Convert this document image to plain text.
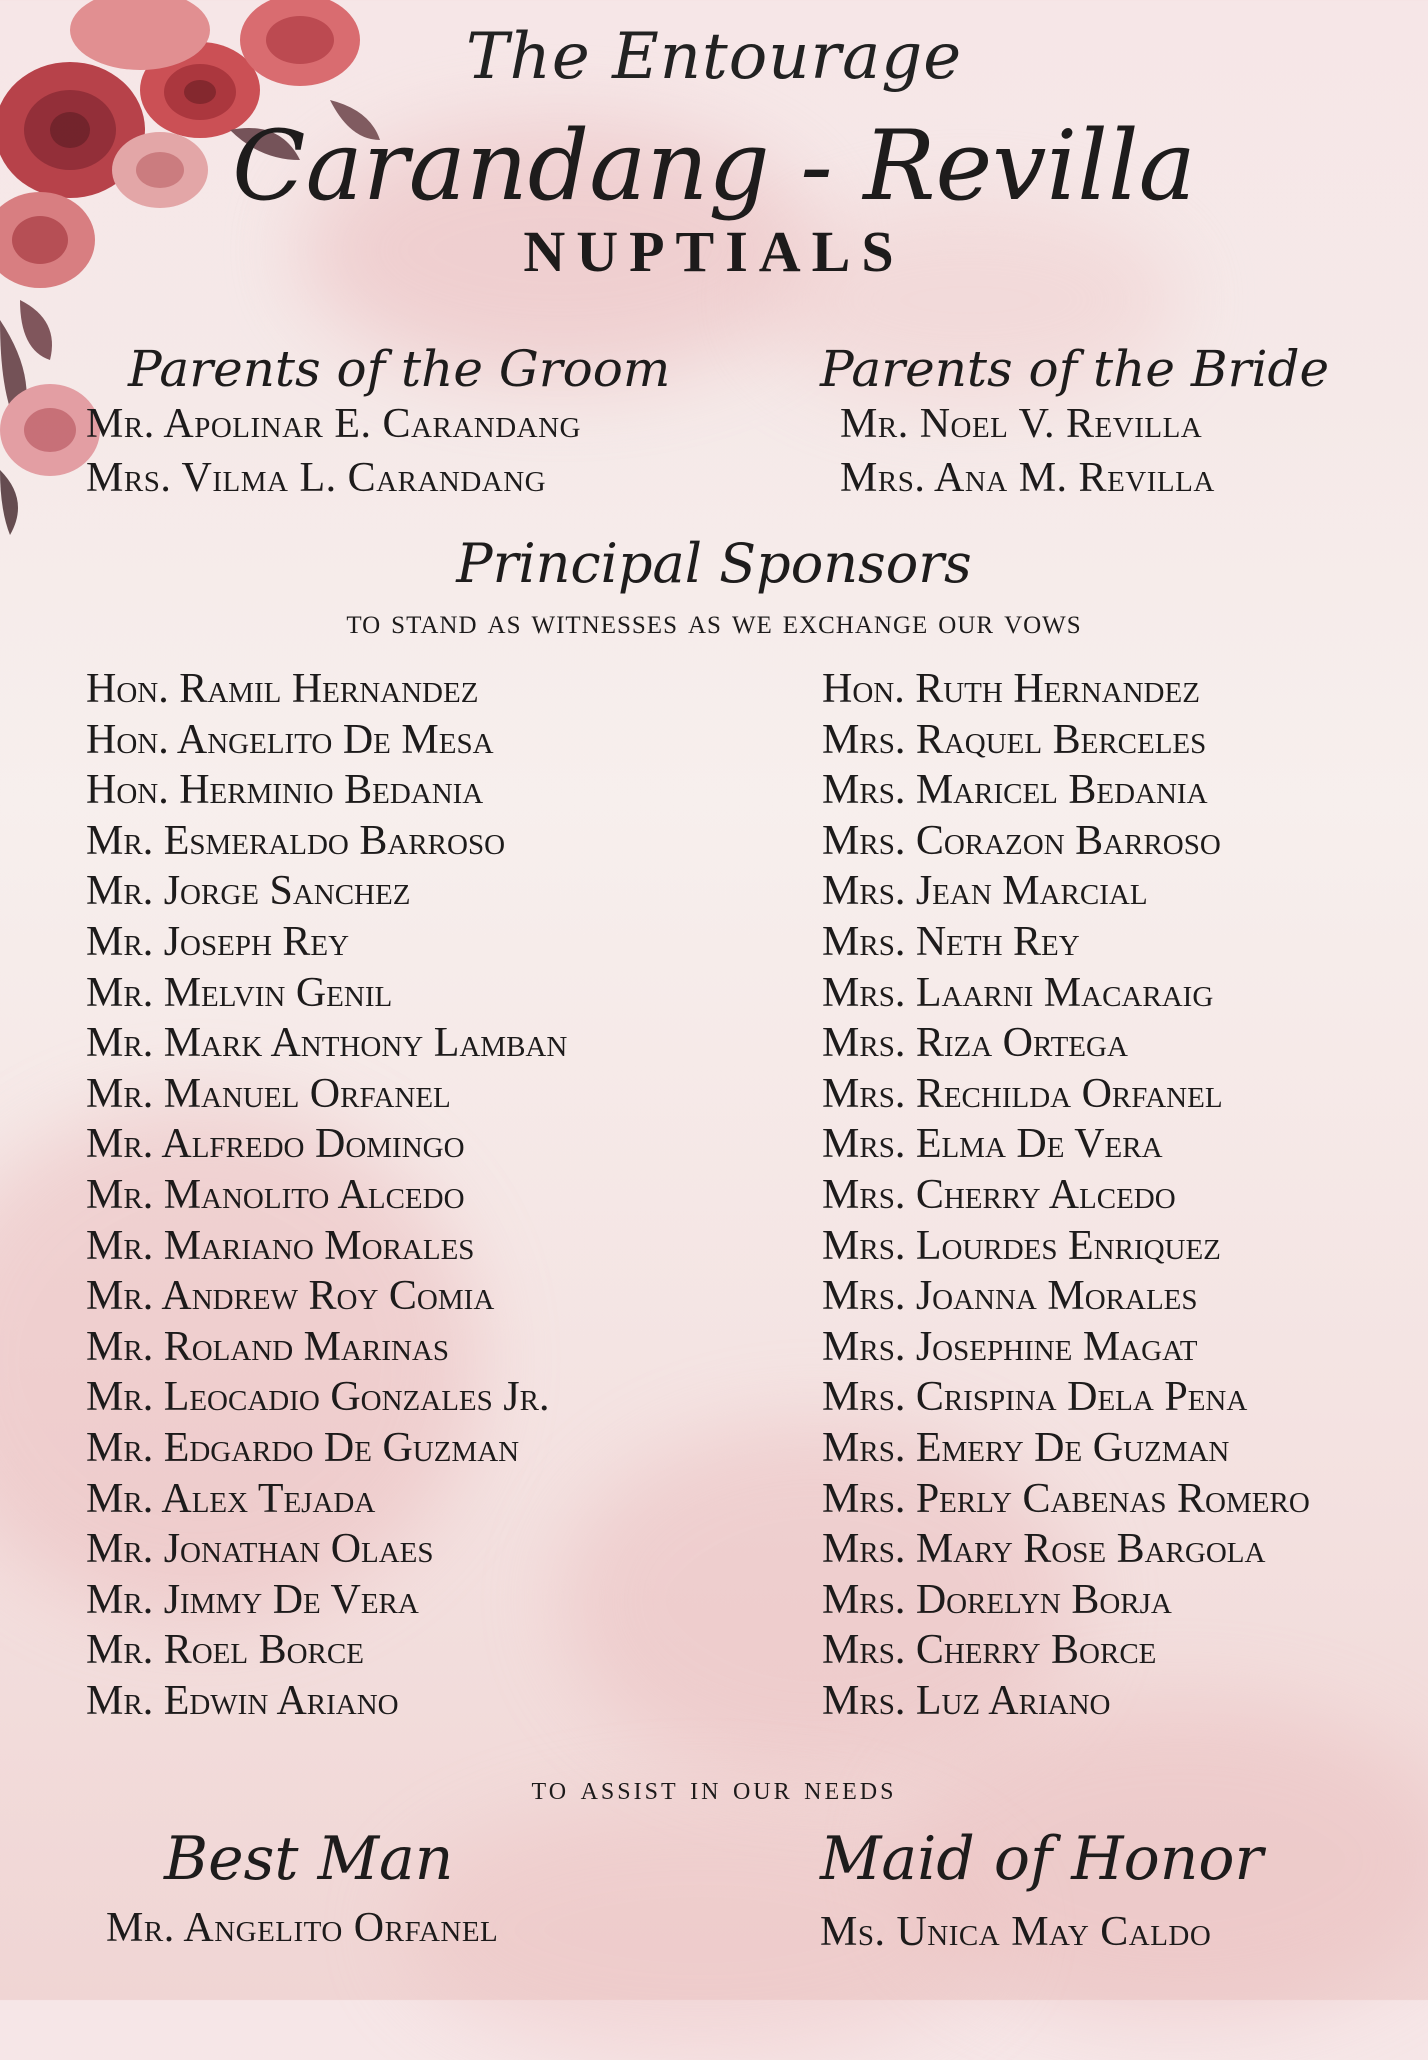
The Entourage
Carandang - Revilla
NUPTIALS
Parents of the Groom
Mr. Apolinar E. Carandang
Mrs. Vilma L. Carandang
Parents of the Bride
Mr. Noel V. Revilla
Mrs. Ana M. Revilla
Principal Sponsors
to stand as witnesses as we exchange our vows
Hon. Ramil Hernandez
Hon. Angelito De Mesa
Hon. Herminio Bedania
Mr. Esmeraldo Barroso
Mr. Jorge Sanchez
Mr. Joseph Rey
Mr. Melvin Genil
Mr. Mark Anthony Lamban
Mr. Manuel Orfanel
Mr. Alfredo Domingo
Mr. Manolito Alcedo
Mr. Mariano Morales
Mr. Andrew Roy Comia
Mr. Roland Marinas
Mr. Leocadio Gonzales Jr.
Mr. Edgardo De Guzman
Mr. Alex Tejada
Mr. Jonathan Olaes
Mr. Jimmy De Vera
Mr. Roel Borce
Mr. Edwin Ariano
Hon. Ruth Hernandez
Mrs. Raquel Berceles
Mrs. Maricel Bedania
Mrs. Corazon Barroso
Mrs. Jean Marcial
Mrs. Neth Rey
Mrs. Laarni Macaraig
Mrs. Riza Ortega
Mrs. Rechilda Orfanel
Mrs. Elma De Vera
Mrs. Cherry Alcedo
Mrs. Lourdes Enriquez
Mrs. Joanna Morales
Mrs. Josephine Magat
Mrs. Crispina Dela Pena
Mrs. Emery De Guzman
Mrs. Perly Cabenas Romero
Mrs. Mary Rose Bargola
Mrs. Dorelyn Borja
Mrs. Cherry Borce
Mrs. Luz Ariano
to assist in our needs
Best Man
Mr. Angelito Orfanel
Maid of Honor
Ms. Unica May Caldo
